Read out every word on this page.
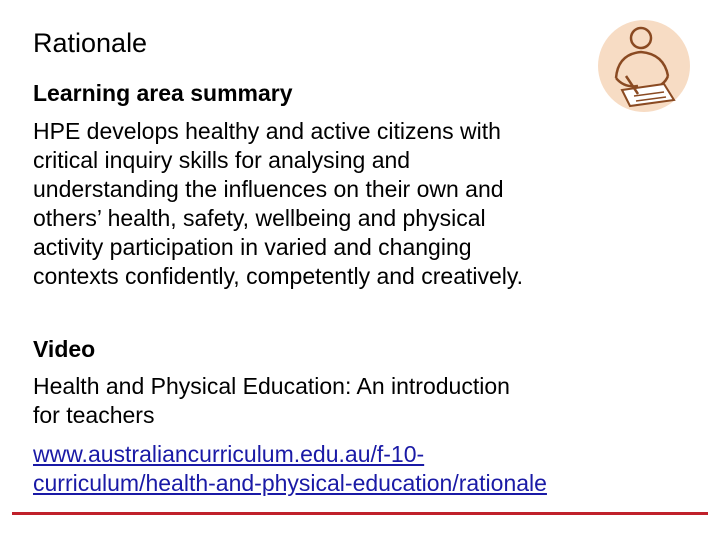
Rationale
Learning area summary

HPE develops healthy and active citizens with
critical inquiry skills for analysing and
understanding the influences on their own and
others’ health, safety, wellbeing and physical
activity participation in varied and changing
contexts confidently, competently and creatively.

Video

Health and Physical Education: An introduction
for teachers

www.australiancurriculum.edu.au/f-10-
curriculum/health-and-physical-education/rationale
